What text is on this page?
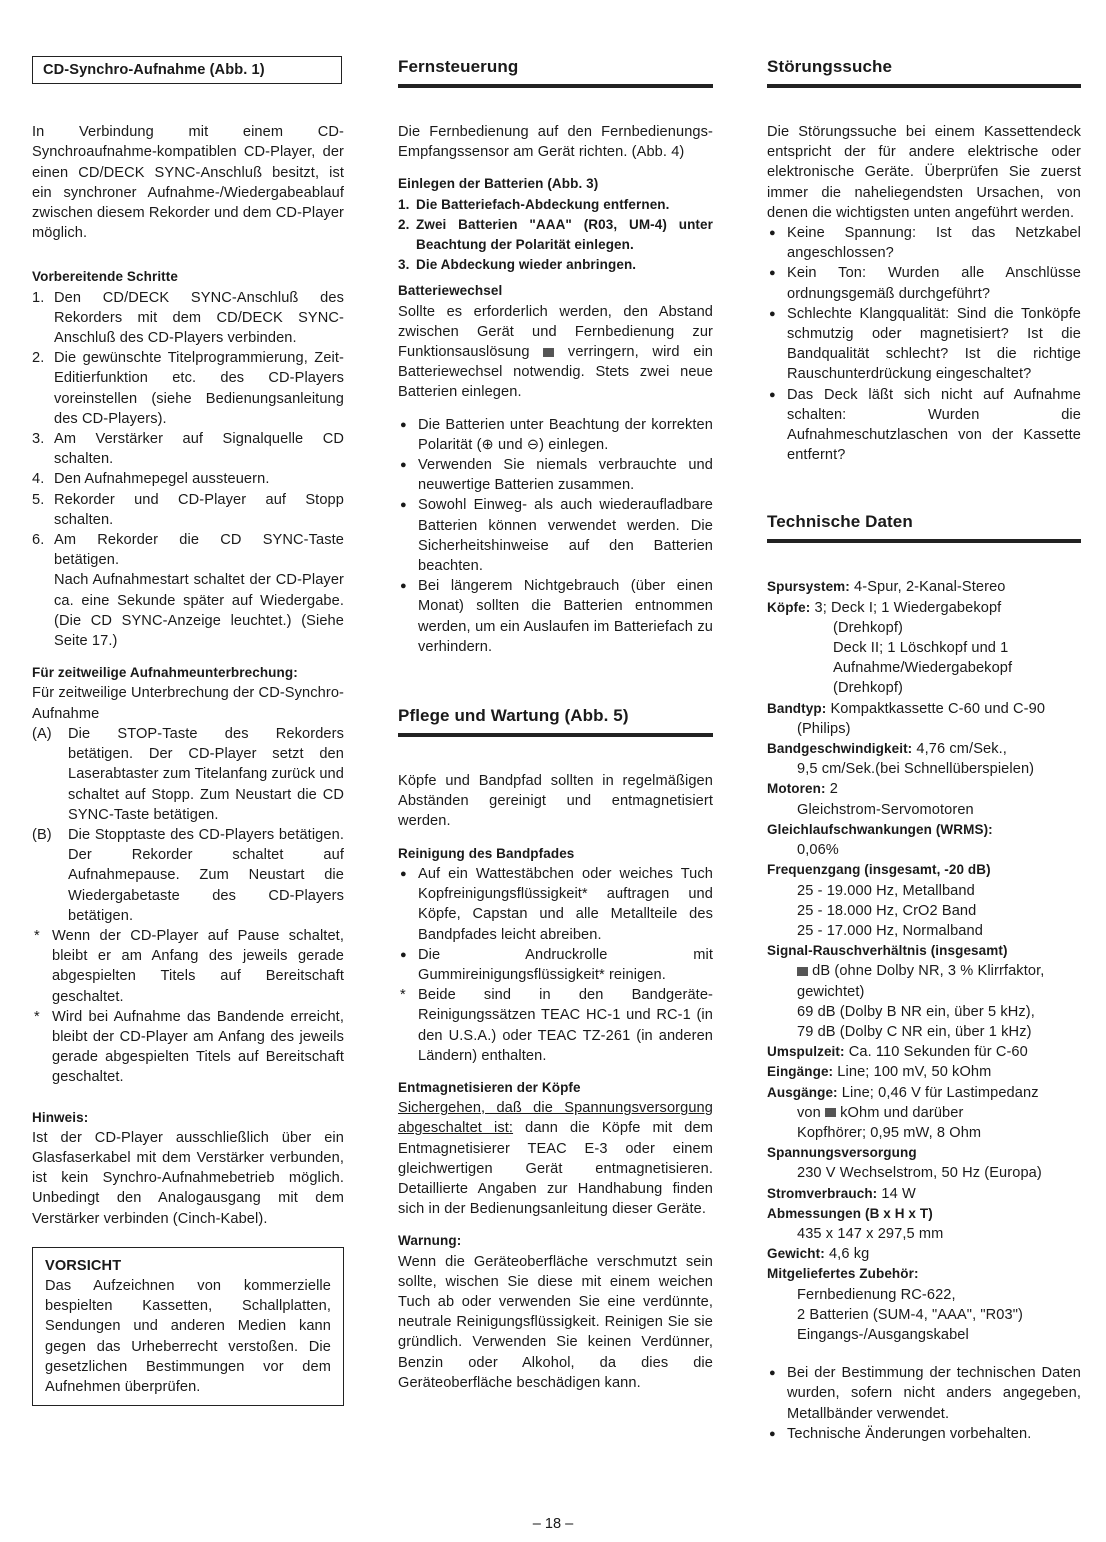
CD-Synchro-Aufnahme (Abb. 1)

In Verbindung mit einem CD-Synchroaufnahme-kompatiblen CD-Player, der einen CD/DECK SYNC-Anschluß besitzt, ist ein synchroner Aufnahme-/Wiedergabeablauf zwischen diesem Rekorder und dem CD-Player möglich.

Vorbereitende Schritte
1. Den CD/DECK SYNC-Anschluß des Rekorders mit dem CD/DECK SYNC-Anschluß des CD-Players verbinden.
2. Die gewünschte Titelprogrammierung, Zeit-Editierfunktion etc. des CD-Players voreinstellen (siehe Bedienungsanleitung des CD-Players).
3. Am Verstärker auf Signalquelle CD schalten.
4. Den Aufnahmepegel aussteuern.
5. Rekorder und CD-Player auf Stopp schalten.
6. Am Rekorder die CD SYNC-Taste betätigen.

Nach Aufnahmestart schaltet der CD-Player ca. eine Sekunde später auf Wiedergabe. (Die CD SYNC-Anzeige leuchtet.) (Siehe Seite 17.)

Für zeitweilige Aufnahmeunterbrechung:

Für zeitweilige Unterbrechung der CD-Synchro-Aufnahme

(A) Die STOP-Taste des Rekorders betätigen. Der CD-Player setzt den Laserabtaster zum Titelanfang zurück und schaltet auf Stopp. Zum Neustart die CD SYNC-Taste betätigen.
(B) Die Stopptaste des CD-Players betätigen. Der Rekorder schaltet auf Aufnahmepause. Zum Neustart die Wiedergabetaste des CD-Players betätigen.
* Wenn der CD-Player auf Pause schaltet, bleibt er am Anfang des jeweils gerade abgespielten Titels auf Bereitschaft geschaltet.
* Wird bei Aufnahme das Bandende erreicht, bleibt der CD-Player am Anfang des jeweils gerade abgespielten Titels auf Bereitschaft geschaltet.
Hinweis:

Ist der CD-Player ausschließlich über ein Glasfaserkabel mit dem Verstärker verbunden, ist kein Synchro-Aufnahmebetrieb möglich. Unbedingt den Analogausgang mit dem Verstärker verbinden (Cinch-Kabel).

VORSICHT

Das Aufzeichnen von kommerzielle bespielten Kassetten, Schallplatten, Sendungen und anderen Medien kann gegen das Urheberrecht verstoßen. Die gesetzlichen Bestimmungen vor dem Aufnehmen überprüfen.

Fernsteuerung

Die Fernbedienung auf den Fernbedienungs-Empfangssensor am Gerät richten. (Abb. 4)

Einlegen der Batterien (Abb. 3)
1. Die Batteriefach-Abdeckung entfernen.
2. Zwei Batterien "AAA" (R03, UM-4) unter Beachtung der Polarität einlegen.
3. Die Abdeckung wieder anbringen.
Batteriewechsel

Sollte es erforderlich werden, den Abstand zwischen Gerät und Fernbedienung zur Funktionsauslösung	verringern, wird ein Batteriewechsel notwendig. Stets zwei neue Batterien einlegen.

● Die Batterien unter Beachtung der korrekten Polarität (⊕ und ⊖) einlegen.
● Verwenden Sie niemals verbrauchte und neuwertige Batterien zusammen.
● Sowohl Einweg- als auch wiederaufladbare Batterien können verwendet werden. Die Sicherheitshinweise auf den Batterien beachten.
● Bei längerem Nichtgebrauch (über einen Monat) sollten die Batterien entnommen werden, um ein Auslaufen im Batteriefach zu verhindern.
Pflege und Wartung (Abb. 5)

Köpfe und Bandpfad sollten in regelmäßigen Abständen gereinigt und entmagnetisiert werden.

Reinigung des Bandpfades
● Auf ein Wattestäbchen oder weiches Tuch Kopfreinigungsflüssigkeit* auftragen und Köpfe, Capstan und alle Metallteile des Bandpfades leicht abreiben.
● Die Andruckrolle mit Gummireinigungsflüssigkeit* reinigen.
* Beide sind in den Bandgeräte-Reinigungssätzen TEAC HC-1 und RC-1 (in den U.S.A.) oder TEAC TZ-261 (in anderen Ländern) enthalten.
Entmagnetisieren der Köpfe

Sichergehen, daß die Spannungsversorgung abgeschaltet ist: dann die Köpfe mit dem Entmagnetisierer TEAC E-3 oder einem gleichwertigen Gerät entmagnetisieren. Detaillierte Angaben zur Handhabung finden sich in der Bedienungsanleitung dieser Geräte.

Warnung:

Wenn die Geräteoberfläche verschmutzt sein sollte, wischen Sie diese mit einem weichen Tuch ab oder verwenden Sie eine verdünnte, neutrale Reinigungsflüssigkeit. Reinigen Sie sie gründlich. Verwenden Sie keinen Verdünner, Benzin oder Alkohol, da dies die Geräteoberfläche beschädigen kann.

Störungssuche

Die Störungssuche bei einem Kassettendeck entspricht der für andere elektrische oder elektronische Geräte. Überprüfen Sie zuerst immer die naheliegendsten Ursachen, von denen die wichtigsten unten angeführt werden.

● Keine Spannung: Ist das Netzkabel angeschlossen?
● Kein Ton: Wurden alle Anschlüsse ordnungsgemäß durchgeführt?
● Schlechte Klangqualität: Sind die Tonköpfe schmutzig oder magnetisiert? Ist die Bandqualität schlecht? Ist die richtige Rauschunterdrückung eingeschaltet?
● Das Deck läßt sich nicht auf Aufnahme schalten: Wurden die Aufnahmeschutzlaschen von der Kassette entfernt?
Technische Daten
Spursystem: 4-Spur, 2-Kanal-Stereo
Köpfe: 3; Deck I; 1 Wiedergabekopf
(Drehkopf)
Deck II; 1 Löschkopf und 1
Aufnahme/Wiedergabekopf
(Drehkopf)
Bandtyp: Kompaktkassette C-60 und C-90
(Philips)
Bandgeschwindigkeit: 4,76 cm/Sek.,
9,5 cm/Sek.(bei Schnellüberspielen)
Motoren: 2
Gleichstrom-Servomotoren
Gleichlaufschwankungen (WRMS):
0,06%
Frequenzgang (insgesamt, -20 dB)
25 - 19.000 Hz, Metallband
25 - 18.000 Hz, CrO2 Band
25 - 17.000 Hz, Normalband
Signal-Rauschverhältnis (insgesamt)
dB (ohne Dolby NR, 3 % Klirrfaktor,
gewichtet)
69 dB (Dolby B NR ein, über 5 kHz),
79 dB (Dolby C NR ein, über 1 kHz)
Umspulzeit: Ca. 110 Sekunden für C-60
Eingänge: Line; 100 mV, 50 kOhm
Ausgänge: Line; 0,46 V für Lastimpedanz
von  kOhm und darüber
Kopfhörer; 0,95 mW, 8 Ohm
Spannungsversorgung
230 V Wechselstrom, 50 Hz (Europa)
Stromverbrauch: 14 W
Abmessungen (B x H x T)
435 x 147 x 297,5 mm
Gewicht: 4,6 kg
Mitgeliefertes Zubehör:
Fernbedienung RC-622,
2 Batterien (SUM-4, "AAA", "R03")
Eingangs-/Ausgangskabel
● Bei der Bestimmung der technischen Daten wurden, sofern nicht anders angegeben, Metallbänder verwendet.
● Technische Änderungen vorbehalten.
– 18 –
